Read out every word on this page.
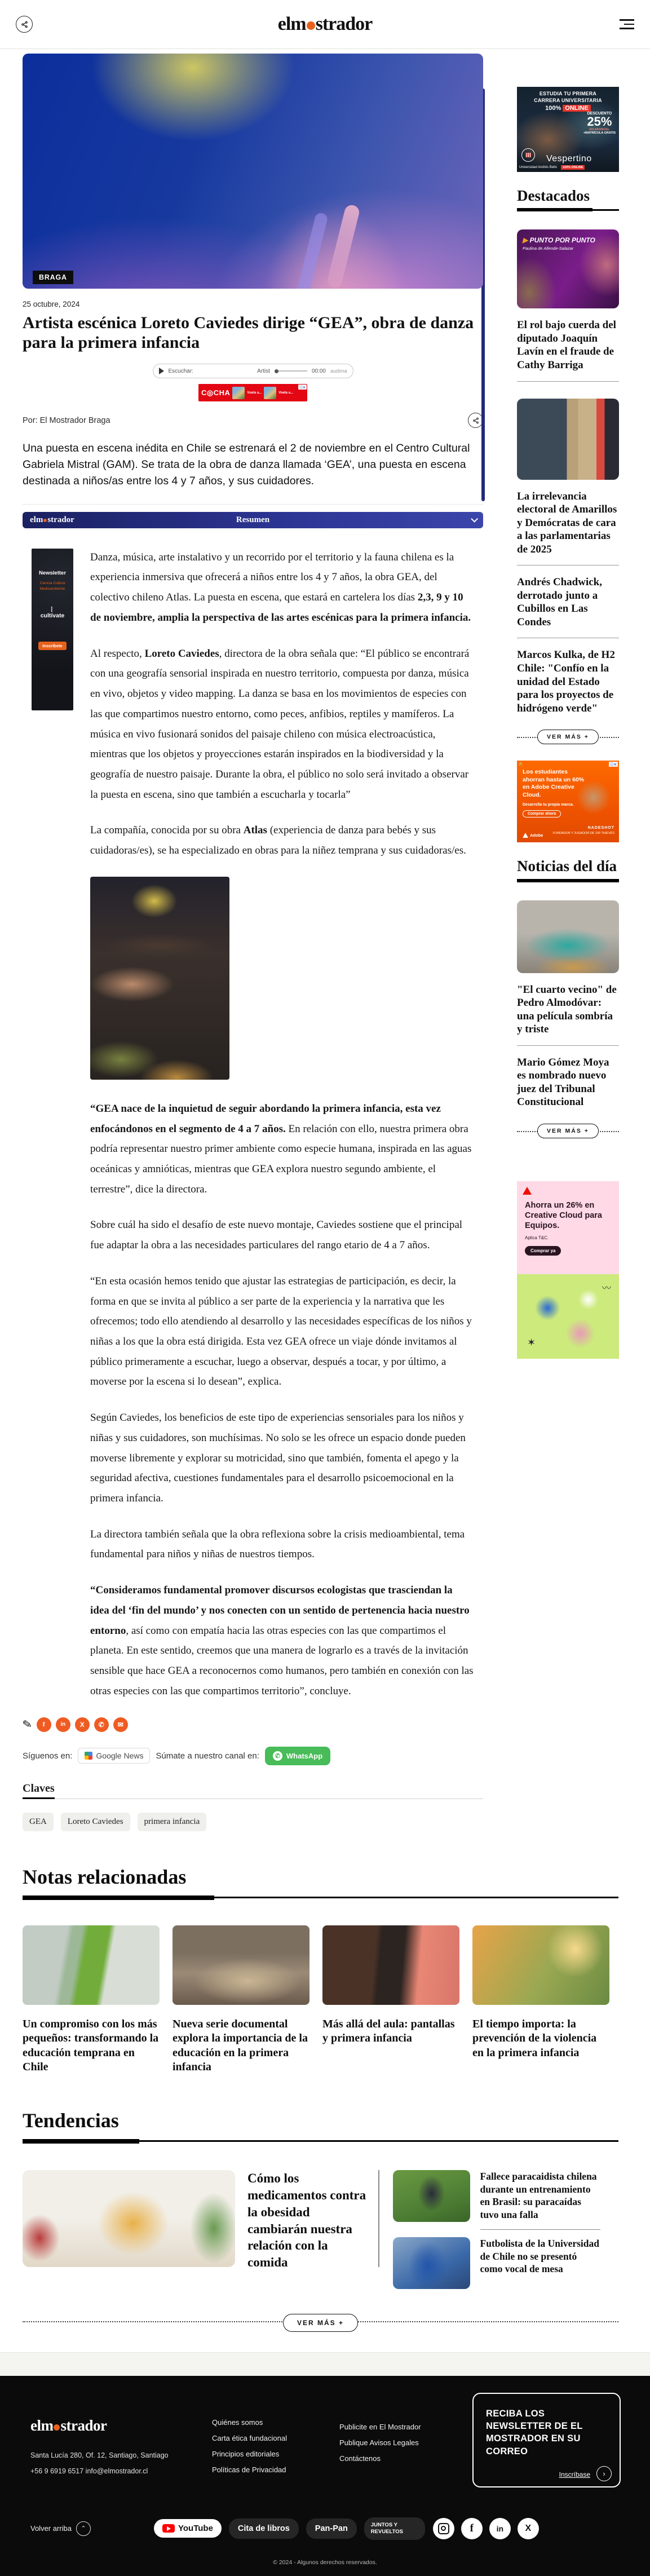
elm strador
BRAGA
25 octubre, 2024
Artista escénica Loreto Caviedes dirige “GEA”, obra de danza para la primera infancia
Escuchar:	Artist	00:00 audima
C◎CHA	Vuela a...	Vuela a...
ⓘ✕
Por: El Mostrador Braga

Una puesta en escena inédita en Chile se estrenará el 2 de noviembre en el Centro Cultural Gabriela Mistral (GAM). Se trata de la obra de danza llamada ‘GEA’, una puesta en escena destinada a niños/as entre los 4 y 7 años, y sus cuidadores.

elm strador	Resumen
Newsletter
Ciencia Cultura Medioambiente
⡇ cultívate
Inscríbete

Danza, música, arte instalativo y un recorrido por el territorio y la fauna chilena es la experiencia inmersiva que ofrecerá a niños entre los 4 y 7 años, la obra GEA, del colectivo chileno Atlas. La puesta en escena, que estará en cartelera los días 2,3, 9 y 10 de noviembre, amplia la perspectiva de las artes escénicas para la primera infancia.

Al respecto, Loreto Caviedes, directora de la obra señala que: “El público se encontrará con una geografía sensorial inspirada en nuestro territorio, compuesta por danza, música en vivo, objetos y video mapping. La danza se basa en los movimientos de especies con las que compartimos nuestro entorno, como peces, anfibios, reptiles y mamíferos. La música en vivo fusionará sonidos del paisaje chileno con música electroacústica, mientras que los objetos y proyecciones estarán inspirados en la biodiversidad y la geografía de nuestro paisaje. Durante la obra, el público no solo será invitado a observar la puesta en escena, sino que también a escucharla y tocarla”

La compañía, conocida por su obra Atlas (experiencia de danza para bebés y sus cuidadoras/es), se ha especializado en obras para la niñez temprana y sus cuidadoras/es.

“GEA nace de la inquietud de seguir abordando la primera infancia, esta vez enfocándonos en el segmento de 4 a 7 años. En relación con ello, nuestra primera obra podría representar nuestro primer ambiente como especie humana, inspirada en las aguas oceánicas y amnióticas, mientras que GEA explora nuestro segundo ambiente, el terrestre”, dice la directora.

Sobre cuál ha sido el desafío de este nuevo montaje, Caviedes sostiene que el principal fue adaptar la obra a las necesidades particulares del rango etario de 4 a 7 años.

“En esta ocasión hemos tenido que ajustar las estrategias de participación, es decir, la forma en que se invita al público a ser parte de la experiencia y la narrativa que les ofrecemos; todo ello atendiendo al desarrollo y las necesidades específicas de los niños y niñas a los que la obra está dirigida. Esta vez GEA ofrece un viaje dónde invitamos al público primeramente a escuchar, luego a observar, después a tocar, y por último, a moverse por la escena si lo desean”, explica.

Según Caviedes, los beneficios de este tipo de experiencias sensoriales para los niños y niñas y sus cuidadores, son muchísimas. No solo se les ofrece un espacio donde pueden moverse libremente y explorar su motricidad, sino que también, fomenta el apego y la seguridad afectiva, cuestiones fundamentales para el desarrollo psicoemocional en la primera infancia.

La directora también señala que la obra reflexiona sobre la crisis medioambiental, tema fundamental para niños y niñas de nuestros tiempos.

“Consideramos fundamental promover discursos ecologistas que trasciendan la idea del ‘fin del mundo’ y nos conecten con un sentido de pertenencia hacia nuestro entorno, así como con empatía hacia las otras especies con las que compartimos el planeta. En este sentido, creemos que una manera de lograrlo es a través de la invitación sensible que hace GEA a reconocernos como humanos, pero también en conexión con las otras especies con las que compartimos territorio”, concluye.

✎
f
in
X
✆
✉
Síguenos en:	Google News Súmate a nuestro canal en: ✆	WhatsApp
Claves
GEA	Loreto Caviedes	primera infancia
ESTUDIA TU PRIMERA
CARRERA UNIVERSITARIA
100% ONLINE
DESCUENTO
25%
EN ARANCEL
+MATRÍCULA GRATIS
Universidad Andrés Bello
Vespertino
100% ONLINE
Destacados
▶ PUNTO POR PUNTO
Paulina de Allende-Salazar
El rol bajo cuerda del diputado Joaquín Lavín en el fraude de Cathy Barriga
La irrelevancia electoral de Amarillos y Demócratas de cara a las parlamentarias de 2025
Andrés Chadwick, derrotado junto a Cubillos en Las Condes
Marcos Kulka, de H2 Chile: "Confío en la unidad del Estado para los proyectos de hidrógeno verde"
VER MÁS +
🔒	ⓘ✕
Los estudiantes ahorran hasta un 60% en Adobe Creative Cloud.
Desarrolla tu propia marca.
Comprar ahora
NADESHOT
FUNDADOR Y JUGADOR DE 100 THIEVES
Adobe
Noticias del día
"El cuarto vecino" de Pedro Almodóvar: una película sombría y triste
Mario Gómez Moya es nombrado nuevo juez del Tribunal Constitucional
VER MÁS +
Ahorra un 26% en Creative Cloud para Equipos.
Aplica T&C.
Comprar ya
✶ 〰
Notas relacionadas
Un compromiso con los más pequeños: transformando la educación temprana en Chile
Nueva serie documental explora la importancia de la educación en la primera infancia
Más allá del aula: pantallas y primera infancia
El tiempo importa: la prevención de la violencia en la primera infancia
Tendencias
Cómo los medicamentos contra la obesidad cambiarán nuestra relación con la comida
Fallece paracaidista chilena durante un entrenamiento en Brasil: su paracaídas tuvo una falla
Futbolista de la Universidad de Chile no se presentó como vocal de mesa
VER MÁS +
elm strador
Santa Lucía 280, Of. 12, Santiago, Santiago
+56 9 6919 6517 info@elmostrador.cl
Quiénes somos
Carta ética fundacional
Principios editoriales
Políticas de Privacidad
Publicite en El Mostrador
Publique Avisos Legales
Contáctenos
RECIBA LOS NEWSLETTER DE EL MOSTRADOR EN SU CORREO
Inscríbase	›
Volver arriba	⌃	YouTube	Cita de libros	Pan-Pan	JUNTOS Y REVUELTOS
f
in
X
© 2024 - Algunos derechos reservados.
